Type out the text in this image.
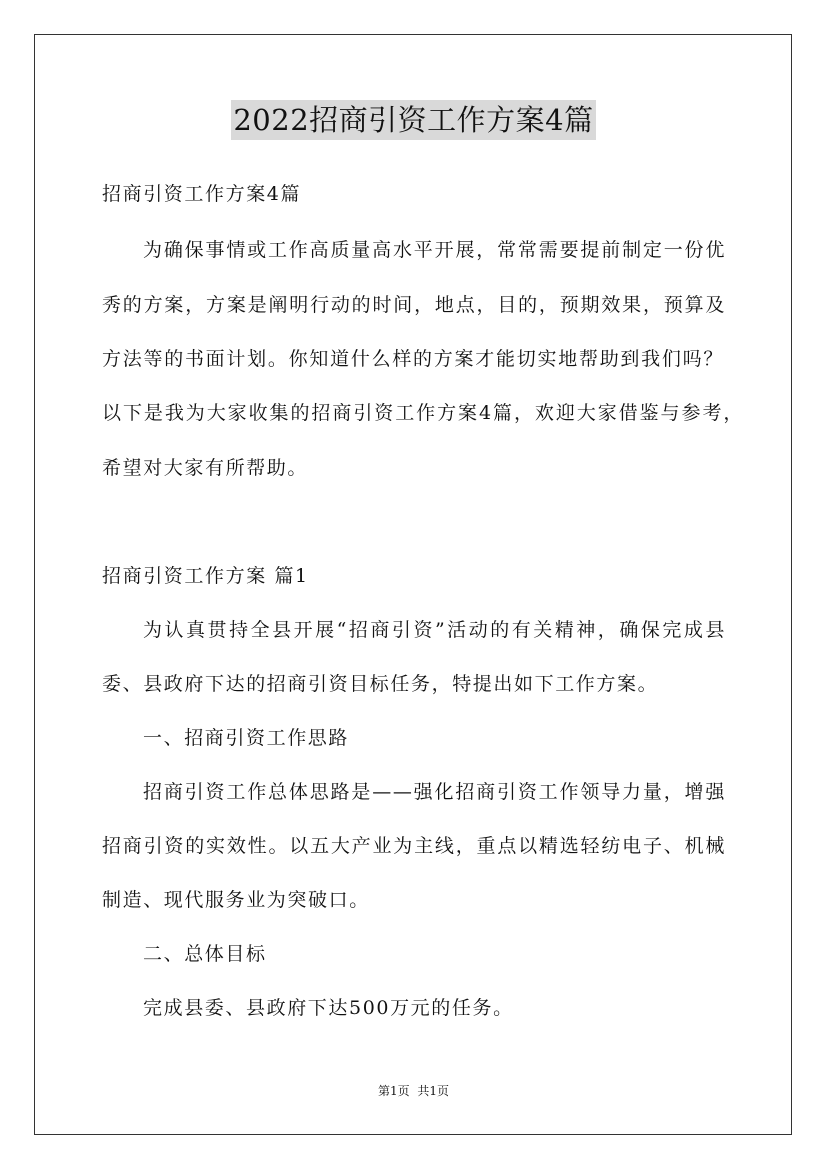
2022招商引资工作方案4篇
招商引资工作方案4篇
为确保事情或工作高质量高水平开展，常常需要提前制定一份优
秀的方案，方案是阐明行动的时间，地点，目的，预期效果，预算及
方法等的书面计划。你知道什么样的方案才能切实地帮助到我们吗？
以下是我为大家收集的招商引资工作方案4篇，欢迎大家借鉴与参考，
希望对大家有所帮助。
招商引资工作方案 篇1
为认真贯持全县开展“招商引资”活动的有关精神，确保完成县
委、县政府下达的招商引资目标任务，特提出如下工作方案。
一、招商引资工作思路
招商引资工作总体思路是——强化招商引资工作领导力量，增强
招商引资的实效性。以五大产业为主线，重点以精选轻纺电子、机械
制造、现代服务业为突破口。
二、总体目标
完成县委、县政府下达500万元的任务。
第1页 共1页
